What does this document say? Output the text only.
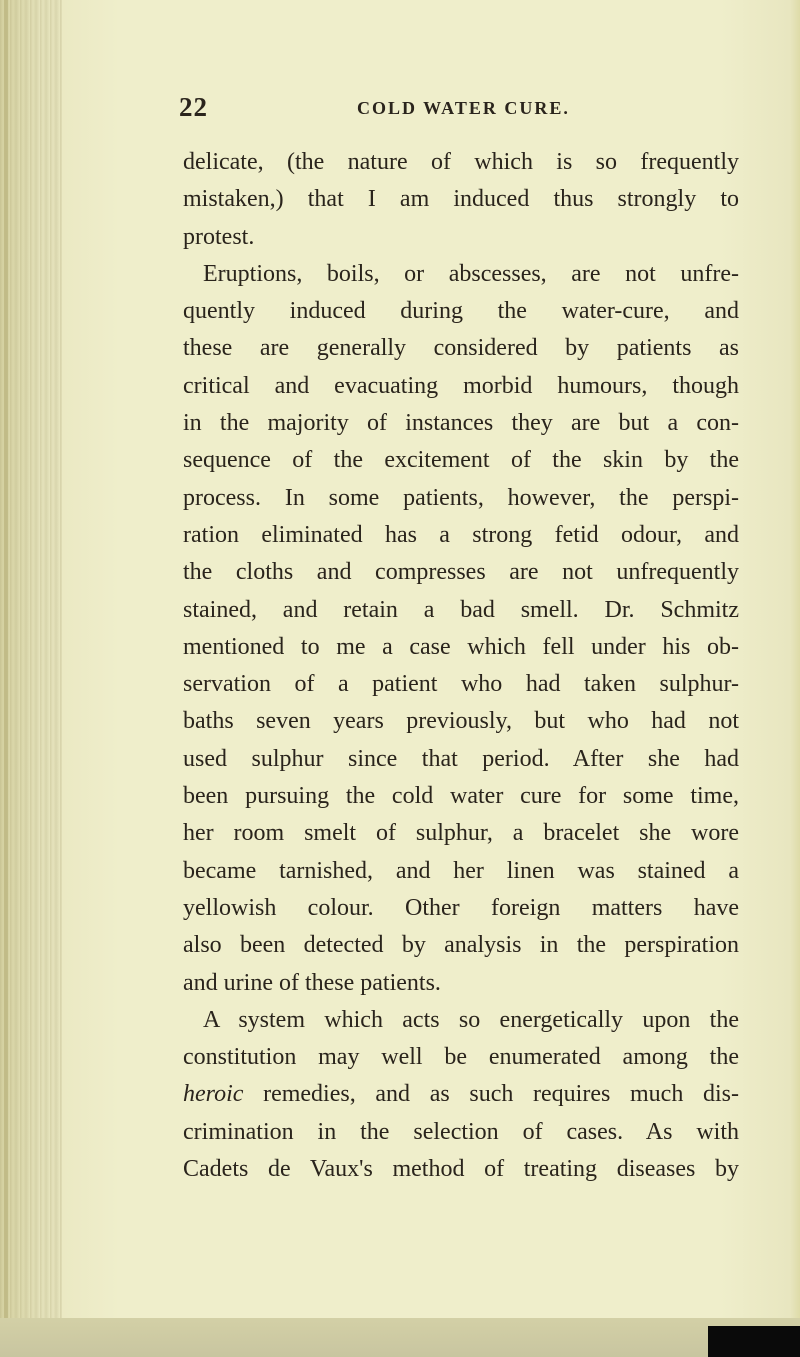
22	COLD WATER CURE.
delicate, (the nature of which is so frequently
mistaken,) that I am induced thus strongly to
protest.
Eruptions, boils, or abscesses, are not unfre-
quently induced during the water-cure, and
these are generally considered by patients as
critical and evacuating morbid humours, though
in the majority of instances they are but a con-
sequence of the excitement of the skin by the
process. In some patients, however, the perspi-
ration eliminated has a strong fetid odour, and
the cloths and compresses are not unfrequently
stained, and retain a bad smell. Dr. Schmitz
mentioned to me a case which fell under his ob-
servation of a patient who had taken sulphur-
baths seven years previously, but who had not
used sulphur since that period. After she had
been pursuing the cold water cure for some time,
her room smelt of sulphur, a bracelet she wore
became tarnished, and her linen was stained a
yellowish colour. Other foreign matters have
also been detected by analysis in the perspiration
and urine of these patients.
A system which acts so energetically upon the
constitution may well be enumerated among the
heroic remedies, and as such requires much dis-
crimination in the selection of cases. As with
Cadets de Vaux's method of treating diseases by
